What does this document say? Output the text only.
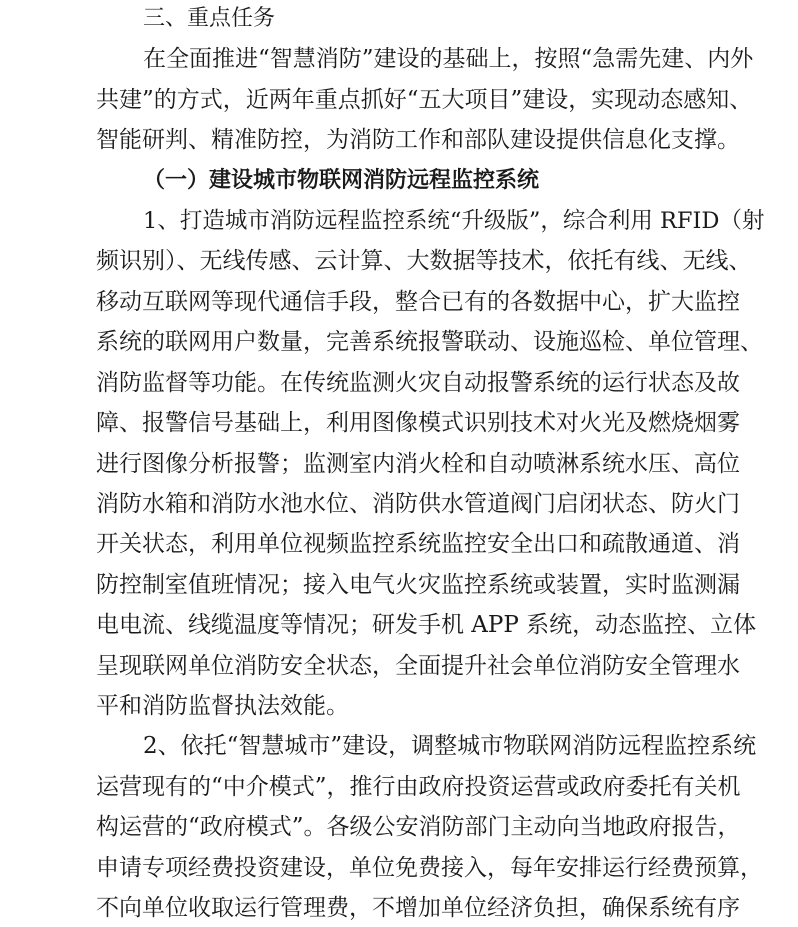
三、重点任务
在全面推进“智慧消防”建设的基础上，按照“急需先建、内外
共建”的方式，近两年重点抓好“五大项目”建设，实现动态感知、
智能研判、精准防控，为消防工作和部队建设提供信息化支撑。
（一）建设城市物联网消防远程监控系统
1、打造城市消防远程监控系统“升级版”，综合利用 RFID（射
频识别）、无线传感、云计算、大数据等技术，依托有线、无线、
移动互联网等现代通信手段，整合已有的各数据中心，扩大监控
系统的联网用户数量，完善系统报警联动、设施巡检、单位管理、
消防监督等功能。在传统监测火灾自动报警系统的运行状态及故
障、报警信号基础上，利用图像模式识别技术对火光及燃烧烟雾
进行图像分析报警；监测室内消火栓和自动喷淋系统水压、高位
消防水箱和消防水池水位、消防供水管道阀门启闭状态、防火门
开关状态，利用单位视频监控系统监控安全出口和疏散通道、消
防控制室值班情况；接入电气火灾监控系统或装置，实时监测漏
电电流、线缆温度等情况；研发手机 APP 系统，动态监控、立体
呈现联网单位消防安全状态，全面提升社会单位消防安全管理水
平和消防监督执法效能。
2、依托“智慧城市”建设，调整城市物联网消防远程监控系统
运营现有的“中介模式”，推行由政府投资运营或政府委托有关机
构运营的“政府模式”。各级公安消防部门主动向当地政府报告，
申请专项经费投资建设，单位免费接入，每年安排运行经费预算，
不向单位收取运行管理费，不增加单位经济负担，确保系统有序
